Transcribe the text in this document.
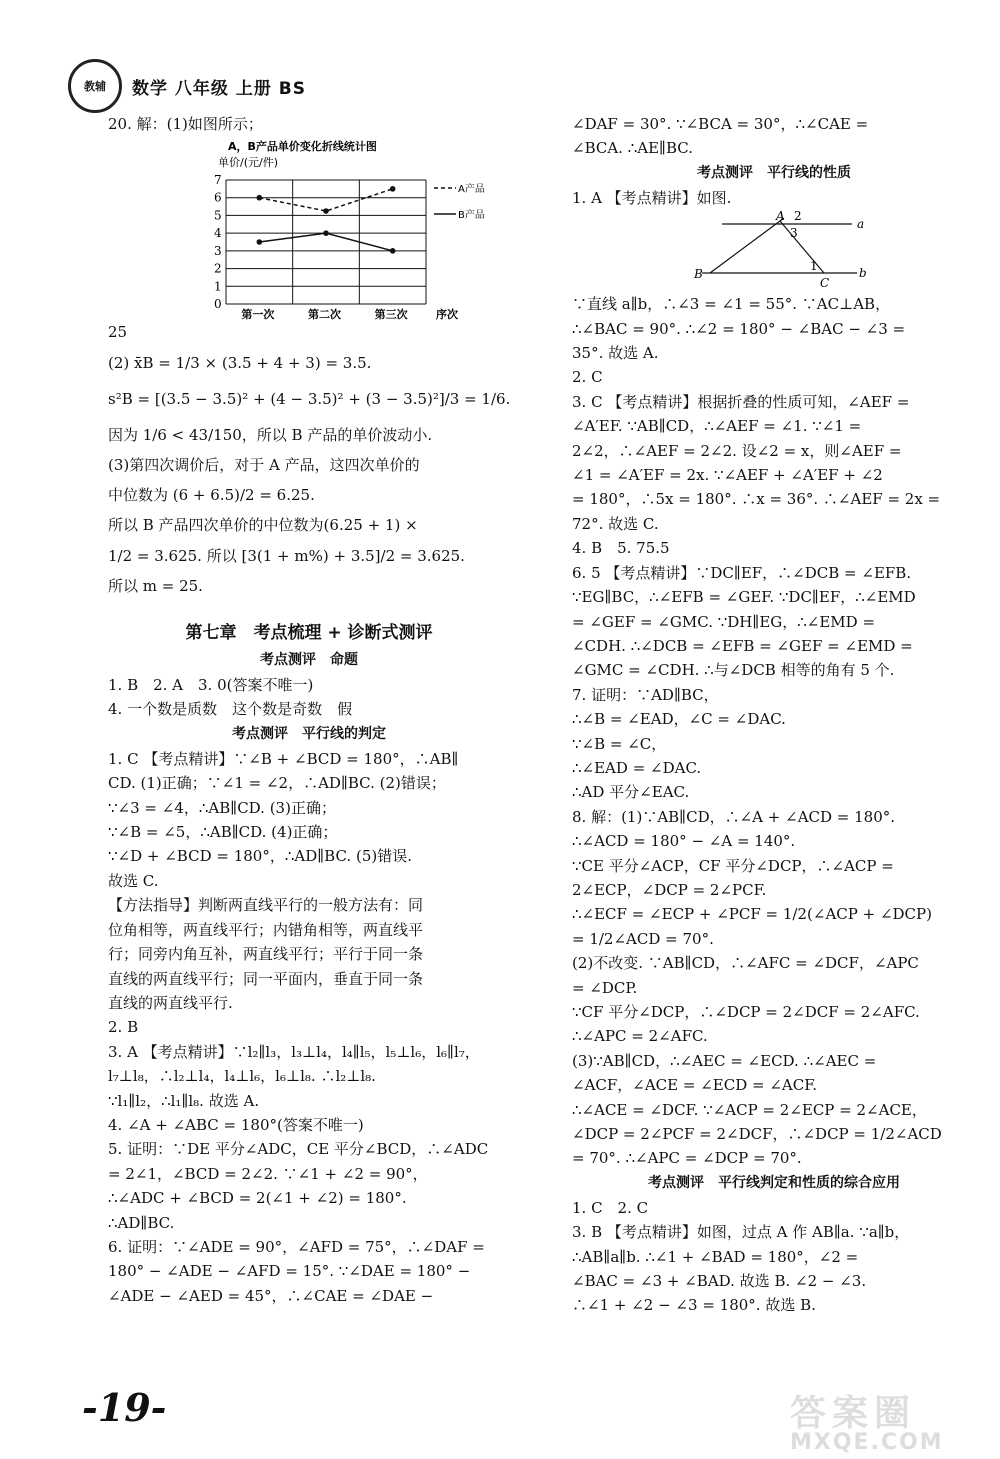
教辅 数学 八年级 上册 BS
20. 解：(1)如图所示；
A，B产品单价变化折线统计图
单价/(元/件)
0
1
2
3
4
5
6
7
第一次	第二次	第三次	序次
A产品
B产品
25
(2) x̄B = 1/3 × (3.5 + 4 + 3) = 3.5.
s²B = [(3.5 − 3.5)² + (4 − 3.5)² + (3 − 3.5)²]/3 = 1/6.
因为 1/6 < 43/150，所以 B 产品的单价波动小.
(3)第四次调价后，对于 A 产品，这四次单价的
中位数为 (6 + 6.5)/2 = 6.25.
所以 B 产品四次单价的中位数为(6.25 + 1) ×
1/2 = 3.625. 所以 [3(1 + m%) + 3.5]/2 = 3.625.
所以 m = 25.
第七章　考点梳理 + 诊断式测评
考点测评　命题
1. B　2. A　3. 0(答案不唯一)
4. 一个数是质数　这个数是奇数　假
考点测评　平行线的判定
1. C 【考点精讲】∵∠B + ∠BCD = 180°，∴AB∥
CD. (1)正确；∵∠1 = ∠2，∴AD∥BC. (2)错误；
∵∠3 = ∠4，∴AB∥CD. (3)正确；
∵∠B = ∠5，∴AB∥CD. (4)正确；
∵∠D + ∠BCD = 180°，∴AD∥BC. (5)错误.
故选 C.
【方法指导】判断两直线平行的一般方法有：同
位角相等，两直线平行；内错角相等，两直线平
行；同旁内角互补，两直线平行；平行于同一条
直线的两直线平行；同一平面内，垂直于同一条
直线的两直线平行.
2. B
3. A 【考点精讲】∵l₂∥l₃，l₃⊥l₄，l₄∥l₅，l₅⊥l₆，l₆∥l₇，
l₇⊥l₈，∴l₂⊥l₄，l₄⊥l₆，l₆⊥l₈. ∴l₂⊥l₈.
∵l₁∥l₂，∴l₁∥l₈. 故选 A.
4. ∠A + ∠ABC = 180°(答案不唯一)
5. 证明：∵DE 平分∠ADC，CE 平分∠BCD，∴∠ADC
= 2∠1，∠BCD = 2∠2. ∵∠1 + ∠2 = 90°，
∴∠ADC + ∠BCD = 2(∠1 + ∠2) = 180°.
∴AD∥BC.
6. 证明：∵∠ADE = 90°，∠AFD = 75°，∴∠DAF =
180° − ∠ADE − ∠AFD = 15°. ∵∠DAE = 180° −
∠ADE − ∠AED = 45°，∴∠CAE = ∠DAE −
∠DAF = 30°. ∵∠BCA = 30°，∴∠CAE =
∠BCA. ∴AE∥BC.
考点测评　平行线的性质
1. A 【考点精讲】如图.
A 2
3
1
B
C
a
b
∵直线 a∥b，∴∠3 = ∠1 = 55°. ∵AC⊥AB，
∴∠BAC = 90°. ∴∠2 = 180° − ∠BAC − ∠3 =
35°. 故选 A.
2. C
3. C 【考点精讲】根据折叠的性质可知，∠AEF =
∠A′EF. ∵AB∥CD，∴∠AEF = ∠1. ∵∠1 =
2∠2，∴∠AEF = 2∠2. 设∠2 = x，则∠AEF =
∠1 = ∠A′EF = 2x. ∵∠AEF + ∠A′EF + ∠2
= 180°，∴5x = 180°. ∴x = 36°. ∴∠AEF = 2x =
72°. 故选 C.
4. B　5. 75.5
6. 5 【考点精讲】∵DC∥EF，∴∠DCB = ∠EFB.
∵EG∥BC，∴∠EFB = ∠GEF. ∵DC∥EF，∴∠EMD
= ∠GEF = ∠GMC. ∵DH∥EG，∴∠EMD =
∠CDH. ∴∠DCB = ∠EFB = ∠GEF = ∠EMD =
∠GMC = ∠CDH. ∴与∠DCB 相等的角有 5 个.
7. 证明：∵AD∥BC，
∴∠B = ∠EAD，∠C = ∠DAC.
∵∠B = ∠C，
∴∠EAD = ∠DAC.
∴AD 平分∠EAC.
8. 解：(1)∵AB∥CD，∴∠A + ∠ACD = 180°.
∴∠ACD = 180° − ∠A = 140°.
∵CE 平分∠ACP，CF 平分∠DCP，∴∠ACP =
2∠ECP，∠DCP = 2∠PCF.
∴∠ECF = ∠ECP + ∠PCF = 1/2(∠ACP + ∠DCP)
= 1/2∠ACD = 70°.
(2)不改变. ∵AB∥CD，∴∠AFC = ∠DCF，∠APC
= ∠DCP.
∵CF 平分∠DCP，∴∠DCP = 2∠DCF = 2∠AFC.
∴∠APC = 2∠AFC.
(3)∵AB∥CD，∴∠AEC = ∠ECD. ∴∠AEC =
∠ACF，∠ACE = ∠ECD = ∠ACF.
∴∠ACE = ∠DCF. ∵∠ACP = 2∠ECP = 2∠ACE，
∠DCP = 2∠PCF = 2∠DCF，∴∠DCP = 1/2∠ACD
= 70°. ∴∠APC = ∠DCP = 70°.
考点测评　平行线判定和性质的综合应用
1. C　2. C
3. B 【考点精讲】如图，过点 A 作 AB∥a. ∵a∥b，
∴AB∥a∥b. ∴∠1 + ∠BAD = 180°，∠2 =
∠BAC = ∠3 + ∠BAD. 故选 B. ∠2 − ∠3.
∴∠1 + ∠2 − ∠3 = 180°. 故选 B.
-19-	答案圈
MXQE.COM
